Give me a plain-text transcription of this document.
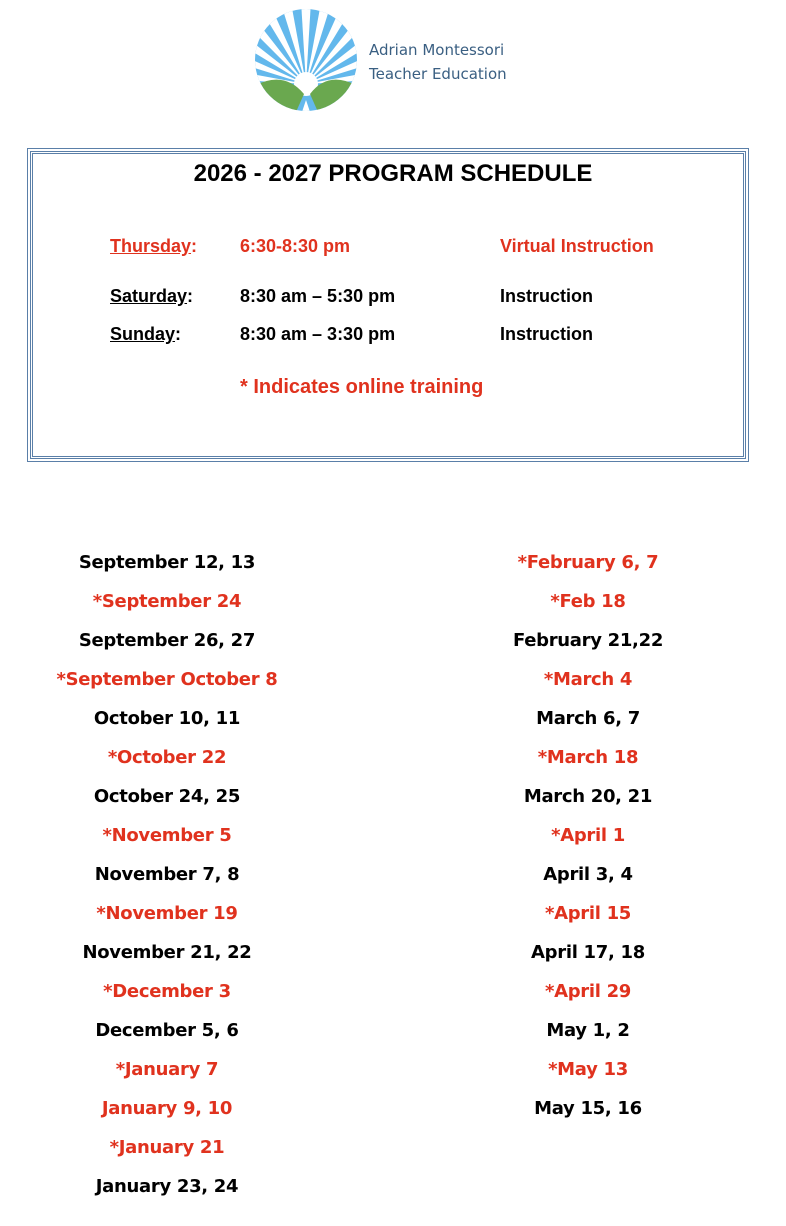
Adrian Montessori
Teacher Education
2026 - 2027 PROGRAM SCHEDULE
Thursday: 6:30-8:30 pm	Virtual Instruction
Saturday:	8:30 am – 5:30 pm	Instruction
Sunday:	8:30 am – 3:30 pm	Instruction
* Indicates online training
September 12, 13
*September 24
September 26, 27
*September October 8
October 10, 11
*October 22
October 24, 25
*November 5
November 7, 8
*November 19
November 21, 22
*December 3
December 5, 6
*January 7
January 9, 10
*January 21
January 23, 24
*February 6, 7
*Feb 18
February 21,22
*March 4
March 6, 7
*March 18
March 20, 21
*April 1
April 3, 4
*April 15
April 17, 18
*April 29
May 1, 2
*May 13
May 15, 16
